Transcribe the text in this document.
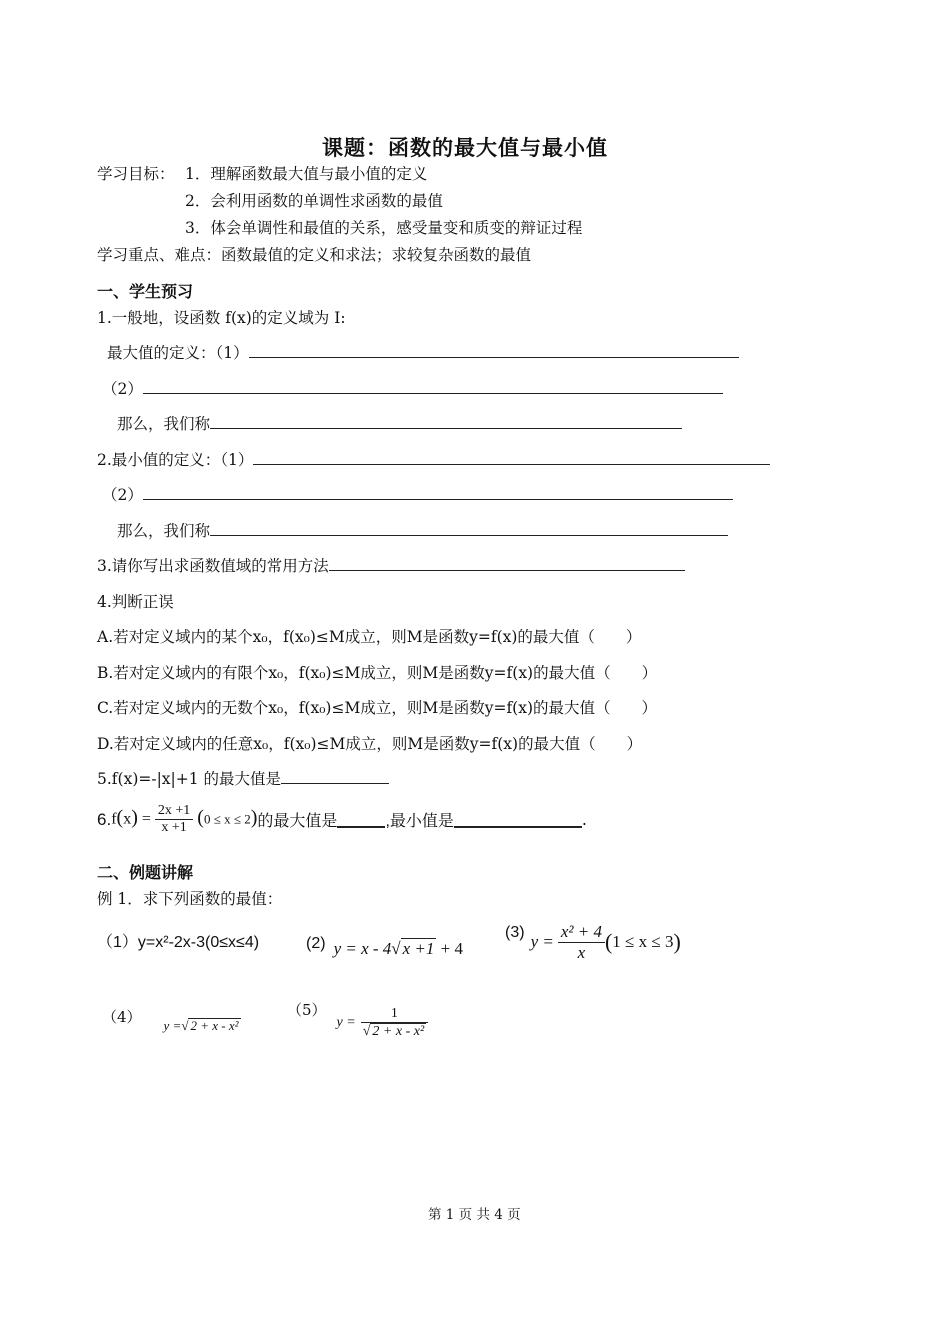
课题：函数的最大值与最小值
学习目标： 1．理解函数最大值与最小值的定义
2．会利用函数的单调性求函数的最值
3．体会单调性和最值的关系，感受量变和质变的辩证过程
学习重点、难点：函数最值的定义和求法；求较复杂函数的最值
一、学生预习
1.一般地，设函数 f(x)的定义域为 I:
最大值的定义：（1）
（2）
那么，我们称
2.最小值的定义：（1）
（2）
那么，我们称
3.请你写出求函数值域的常用方法
4.判断正误
A.若对定义域内的某个x₀，f(x₀)≤M成立，则M是函数y=f(x)的最大值（　　）
B.若对定义域内的有限个x₀，f(x₀)≤M成立，则M是函数y=f(x)的最大值（　　）
C.若对定义域内的无数个x₀，f(x₀)≤M成立，则M是函数y=f(x)的最大值（　　）
D.若对定义域内的任意x₀，f(x₀)≤M成立，则M是函数y=f(x)的最大值（　　）
5.f(x)=-|x|+1 的最大值是
6. $f(x) = \frac{2x +1}{x +1} (0 \le x \le 2)$ 的最大值是	,最小值是	.
二、例题讲解
例 1．求下列函数的最值：
（1）y=x²-2x-3(0≤x≤4)	(2) y = x - 4√ x +1 + 4
(3) $y = \frac{\text{x² + 4}}{x}$ ( 1 ≤ x ≤ 3 )
（4） y =√ 2 + x - x²
（5）
$y = \frac{1}{\text{√ 2 + x - x²}}$
第 1 页 共 4 页
